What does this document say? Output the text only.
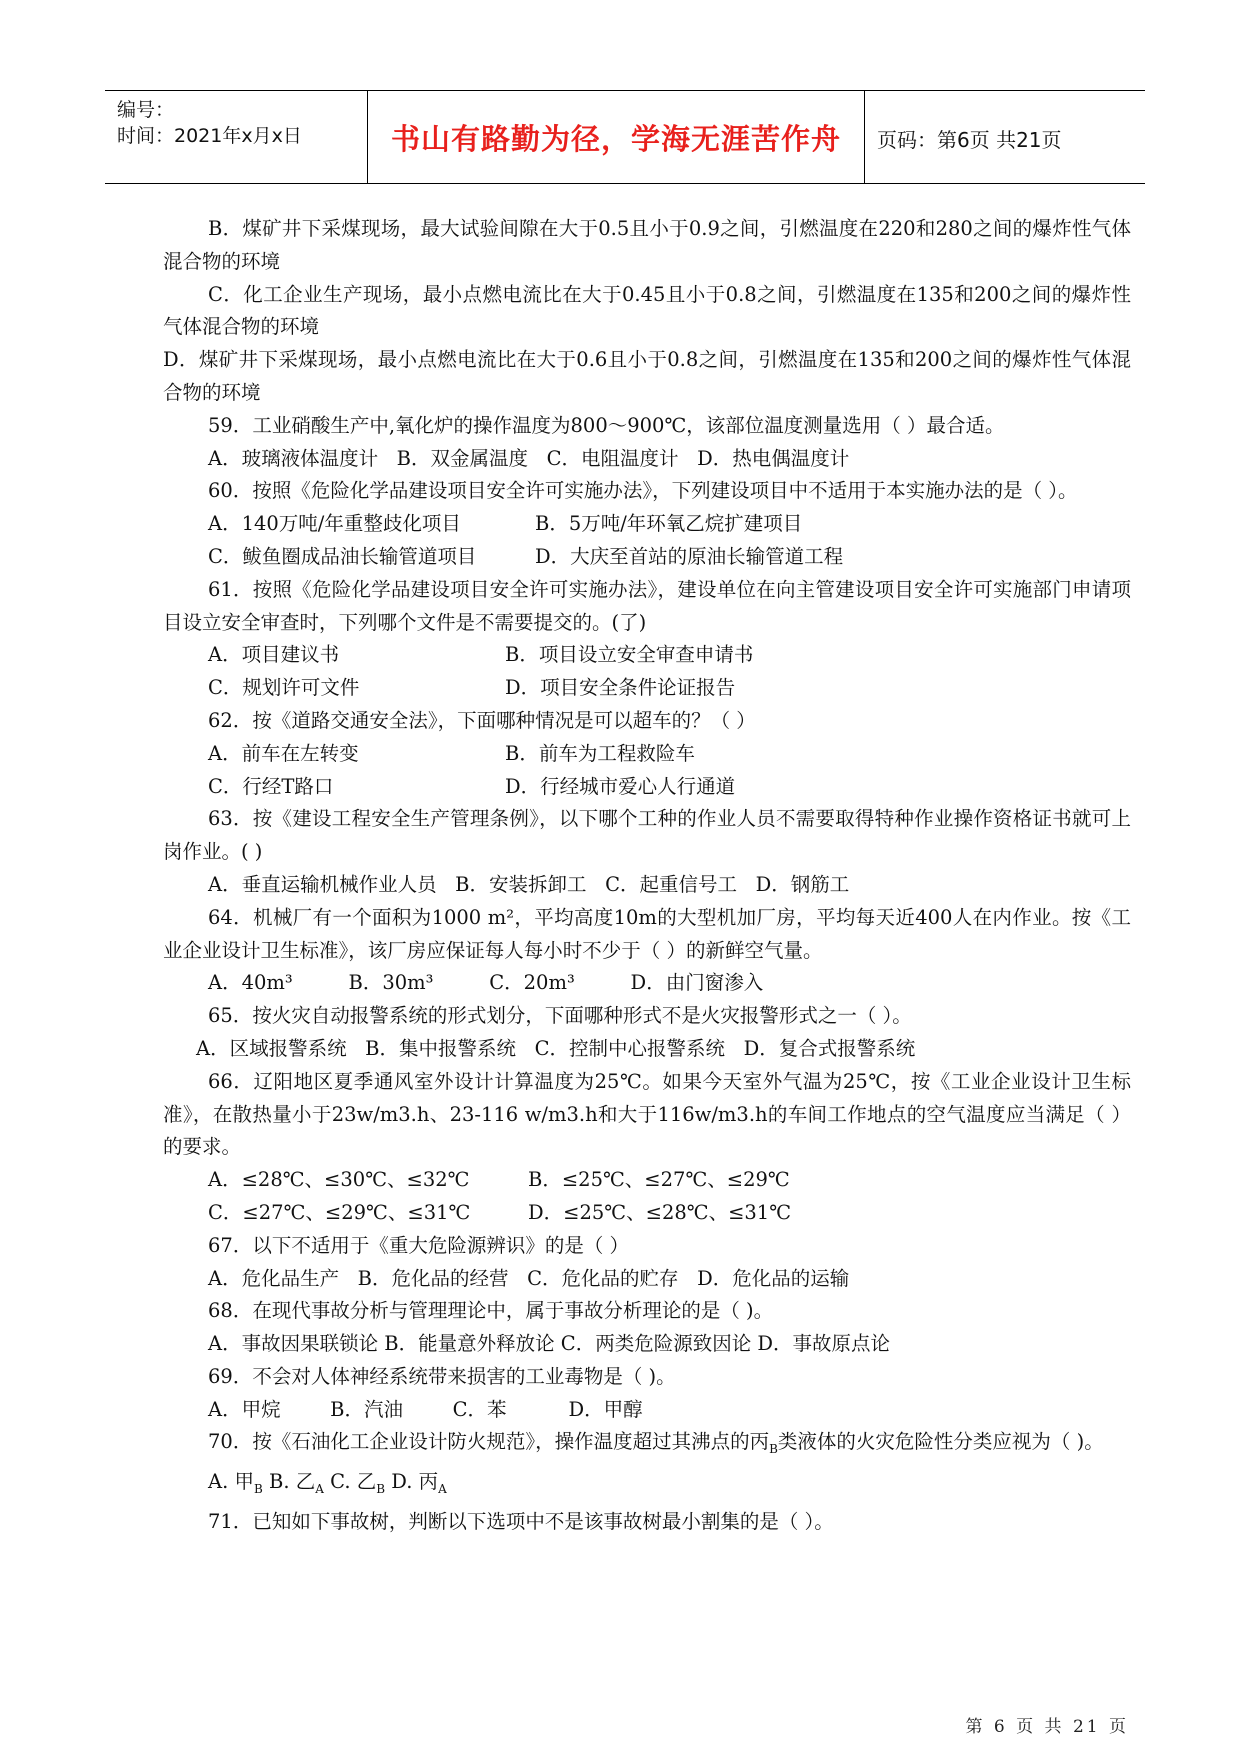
编号：
时间：2021年x月x日	书山有路勤为径，学海无涯苦作舟	页码：第6页 共21页
B．煤矿井下采煤现场，最大试验间隙在大于0.5且小于0.9之间，引燃温度在220和280之间的爆炸性气体混合物的环境
C．化工企业生产现场，最小点燃电流比在大于0.45且小于0.8之间，引燃温度在135和200之间的爆炸性气体混合物的环境
D．煤矿井下采煤现场，最小点燃电流比在大于0.6且小于0.8之间，引燃温度在135和200之间的爆炸性气体混合物的环境
59．工业硝酸生产中,氧化炉的操作温度为800～900℃，该部位温度测量选用（ ）最合适。
A．玻璃液体温度计   B．双金属温度   C．电阻温度计   D．热电偶温度计
60．按照《危险化学品建设项目安全许可实施办法》，下列建设项目中不适用于本实施办法的是（ ）。
A．140万吨/年重整歧化项目	B．5万吨/年环氧乙烷扩建项目
C．鲅鱼圈成品油长输管道项目	D．大庆至首站的原油长输管道工程
61．按照《危险化学品建设项目安全许可实施办法》，建设单位在向主管建设项目安全许可实施部门申请项目设立安全审查时，下列哪个文件是不需要提交的。(了)
A．项目建议书	B．项目设立安全审查申请书
C．规划许可文件	D．项目安全条件论证报告
62．按《道路交通安全法》，下面哪种情况是可以超车的？（ ）
A．前车在左转变	B．前车为工程救险车
C．行经T路口	D．行经城市爱心人行通道
63．按《建设工程安全生产管理条例》，以下哪个工种的作业人员不需要取得特种作业操作资格证书就可上岗作业。( )
A．垂直运输机械作业人员   B．安装拆卸工   C．起重信号工   D．钢筋工
64．机械厂有一个面积为1000 m²，平均高度10m的大型机加厂房，平均每天近400人在内作业。按《工业企业设计卫生标准》，该厂房应保证每人每小时不少于（ ）的新鲜空气量。
A．40m³         B．30m³         C．20m³         D．由门窗渗入
65．按火灾自动报警系统的形式划分，下面哪种形式不是火灾报警形式之一（ ）。
A．区域报警系统   B．集中报警系统   C．控制中心报警系统   D．复合式报警系统
66．辽阳地区夏季通风室外设计计算温度为25℃。如果今天室外气温为25℃，按《工业企业设计卫生标准》，在散热量小于23w/m3.h、23-116 w/m3.h和大于116w/m3.h的车间工作地点的空气温度应当满足（ ）的要求。
A．≤28℃、≤30℃、≤32℃	B．≤25℃、≤27℃、≤29℃
C．≤27℃、≤29℃、≤31℃	D．≤25℃、≤28℃、≤31℃
67．以下不适用于《重大危险源辨识》的是（ ）
A．危化品生产   B．危化品的经营   C．危化品的贮存   D．危化品的运输
68．在现代事故分析与管理理论中，属于事故分析理论的是（ )。
A．事故因果联锁论 B．能量意外释放论 C．两类危险源致因论 D．事故原点论
69．不会对人体神经系统带来损害的工业毒物是（ )。
A．甲烷        B．汽油        C．苯          D．甲醇
70．按《石油化工企业设计防火规范》，操作温度超过其沸点的丙$_B$类液体的火灾危险性分类应视为（ )。
A. 甲$_B$ B. 乙$_A$ C. 乙$_B$ D. 丙$_A$
71．已知如下事故树，判断以下选项中不是该事故树最小割集的是（ ）。
第 6 页 共 21 页
